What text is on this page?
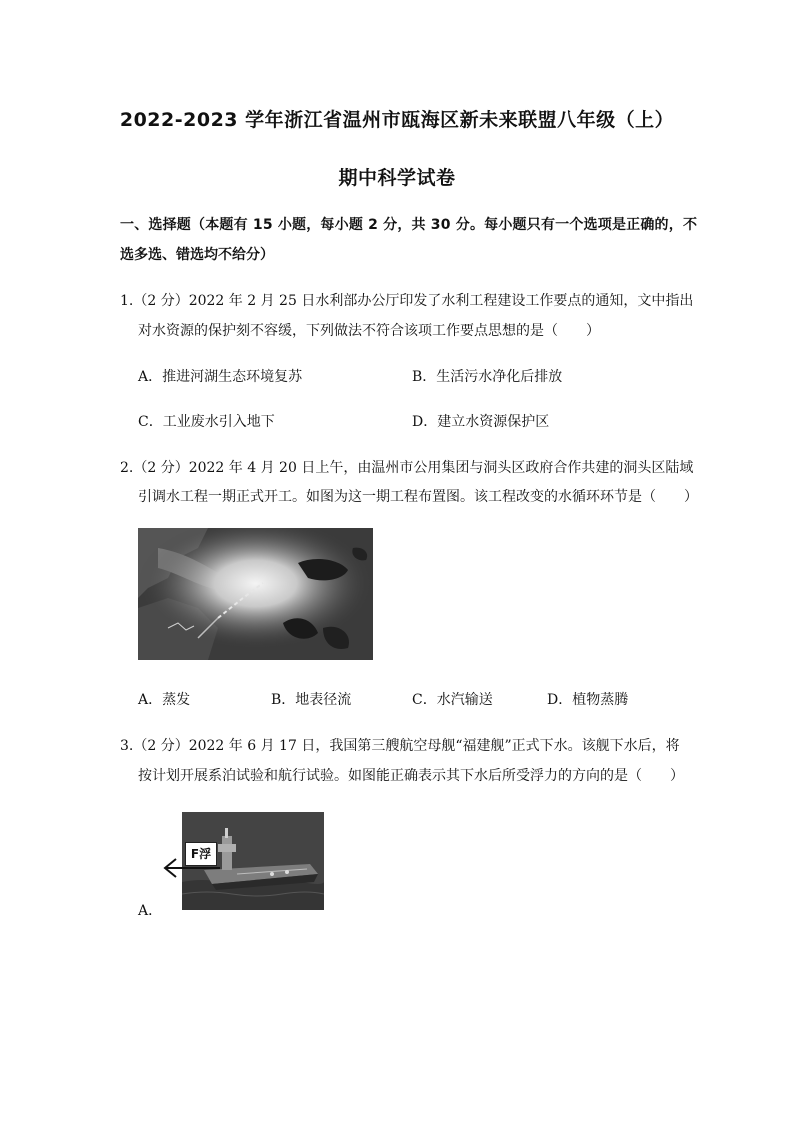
2022-2023 学年浙江省温州市瓯海区新未来联盟八年级（上）
期中科学试卷
一、选择题（本题有 15 小题，每小题 2 分，共 30 分。每小题只有一个选项是正确的，不
选多选、错选均不给分）
1.（2 分）2022 年 2 月 25 日水利部办公厅印发了水利工程建设工作要点的通知，文中指出
对水资源的保护刻不容缓，下列做法不符合该项工作要点思想的是（　　）
A．推进河湖生态环境复苏	B．生活污水净化后排放
C．工业废水引入地下	D．建立水资源保护区
2.（2 分）2022 年 4 月 20 日上午，由温州市公用集团与洞头区政府合作共建的洞头区陆域
引调水工程一期正式开工。如图为这一期工程布置图。该工程改变的水循环环节是（　　）
A．蒸发	B．地表径流	C．水汽输送	D．植物蒸腾
3.（2 分）2022 年 6 月 17 日，我国第三艘航空母舰“福建舰”正式下水。该舰下水后，将
按计划开展系泊试验和航行试验。如图能正确表示其下水后所受浮力的方向的是（　　）
F浮
A．
